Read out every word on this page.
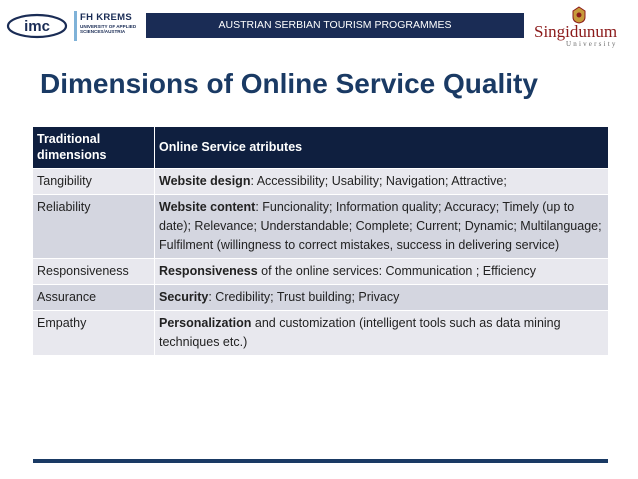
imc
FH KREMS
UNIVERSITY OF APPLIED
SCIENCES/AUSTRIA
AUSTRIAN SERBIAN TOURISM PROGRAMMES	Singidunum
University
Dimensions of Online Service Quality
Traditional dimensions	Online Service atributes
Tangibility	Website design: Accessibility; Usability; Navigation; Attractive;
Reliability	Website content: Funcionality; Information quality; Accuracy; Timely (up to date); Relevance; Understandable; Complete; Current; Dynamic; Multilanguage; Fulfilment (willingness to correct mistakes, success in delivering service)
Responsiveness	Responsiveness of the online services: Communication ; Efficiency
Assurance	Security: Credibility; Trust building; Privacy
Empathy	Personalization and customization (intelligent tools such as data mining techniques etc.)
